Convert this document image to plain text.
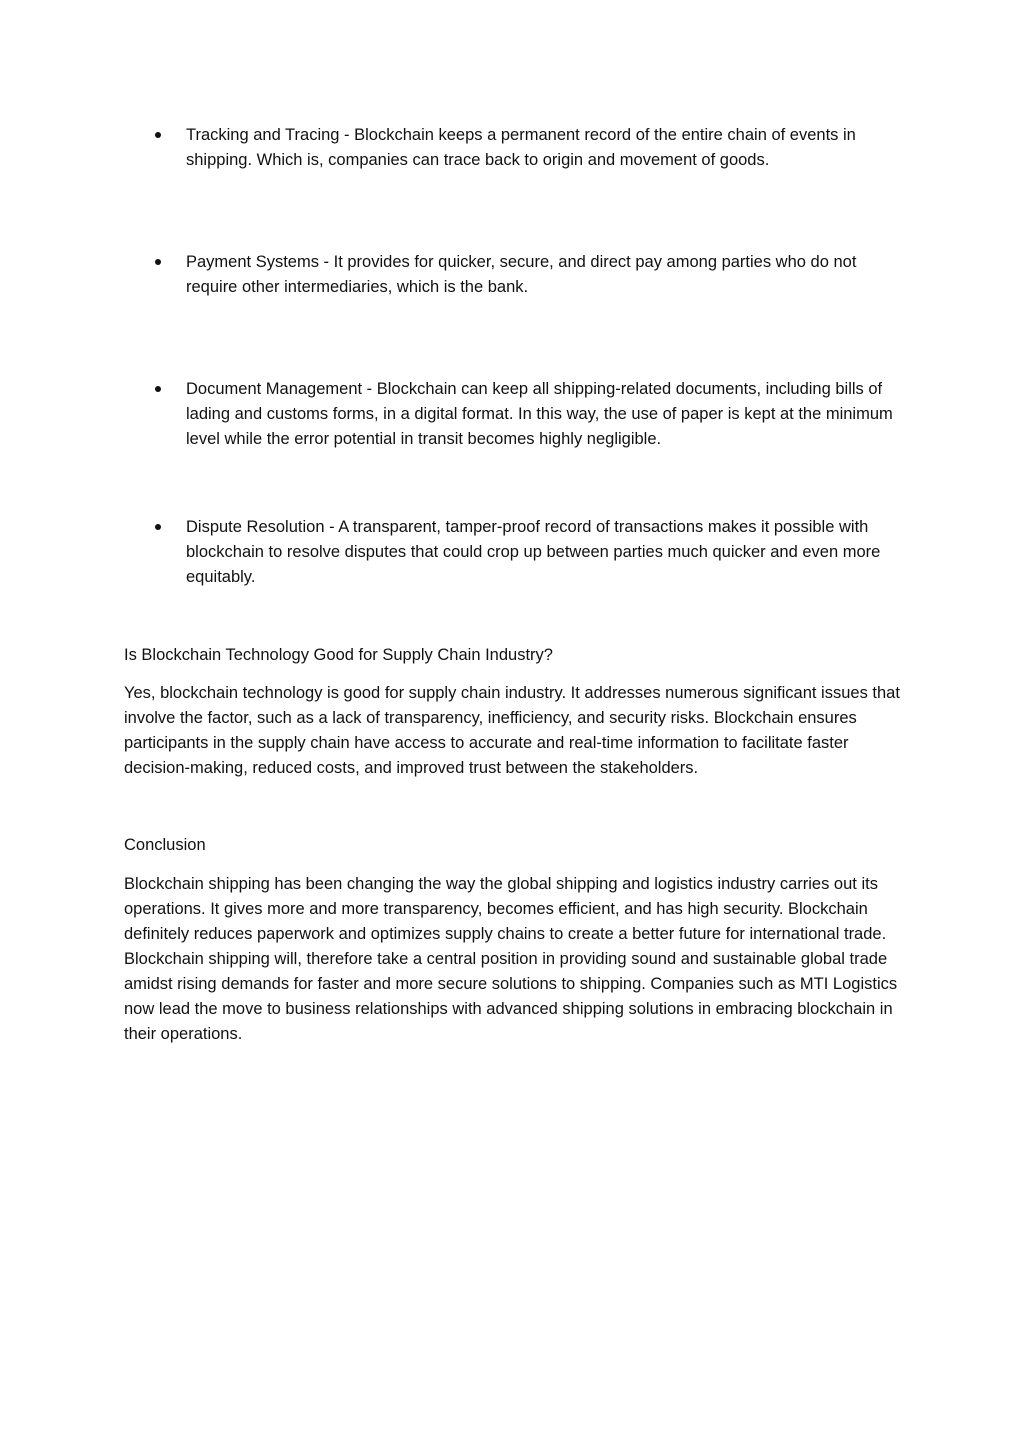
Tracking and Tracing - Blockchain keeps a permanent record of the entire chain of events in shipping. Which is, companies can trace back to origin and movement of goods.
Payment Systems - It provides for quicker, secure, and direct pay among parties who do not require other intermediaries, which is the bank.
Document Management - Blockchain can keep all shipping-related documents, including bills of lading and customs forms, in a digital format. In this way, the use of paper is kept at the minimum level while the error potential in transit becomes highly negligible.
Dispute Resolution - A transparent, tamper-proof record of transactions makes it possible with blockchain to resolve disputes that could crop up between parties much quicker and even more equitably.
Is Blockchain Technology Good for Supply Chain Industry?

Yes, blockchain technology is good for supply chain industry. It addresses numerous significant issues that involve the factor, such as a lack of transparency, inefficiency, and security risks. Blockchain ensures participants in the supply chain have access to accurate and real-time information to facilitate faster decision-making, reduced costs, and improved trust between the stakeholders.

Conclusion

Blockchain shipping has been changing the way the global shipping and logistics industry carries out its operations. It gives more and more transparency, becomes efficient, and has high security. Blockchain definitely reduces paperwork and optimizes supply chains to create a better future for international trade. Blockchain shipping will, therefore take a central position in providing sound and sustainable global trade amidst rising demands for faster and more secure solutions to shipping. Companies such as MTI Logistics now lead the move to business relationships with advanced shipping solutions in embracing blockchain in their operations.
